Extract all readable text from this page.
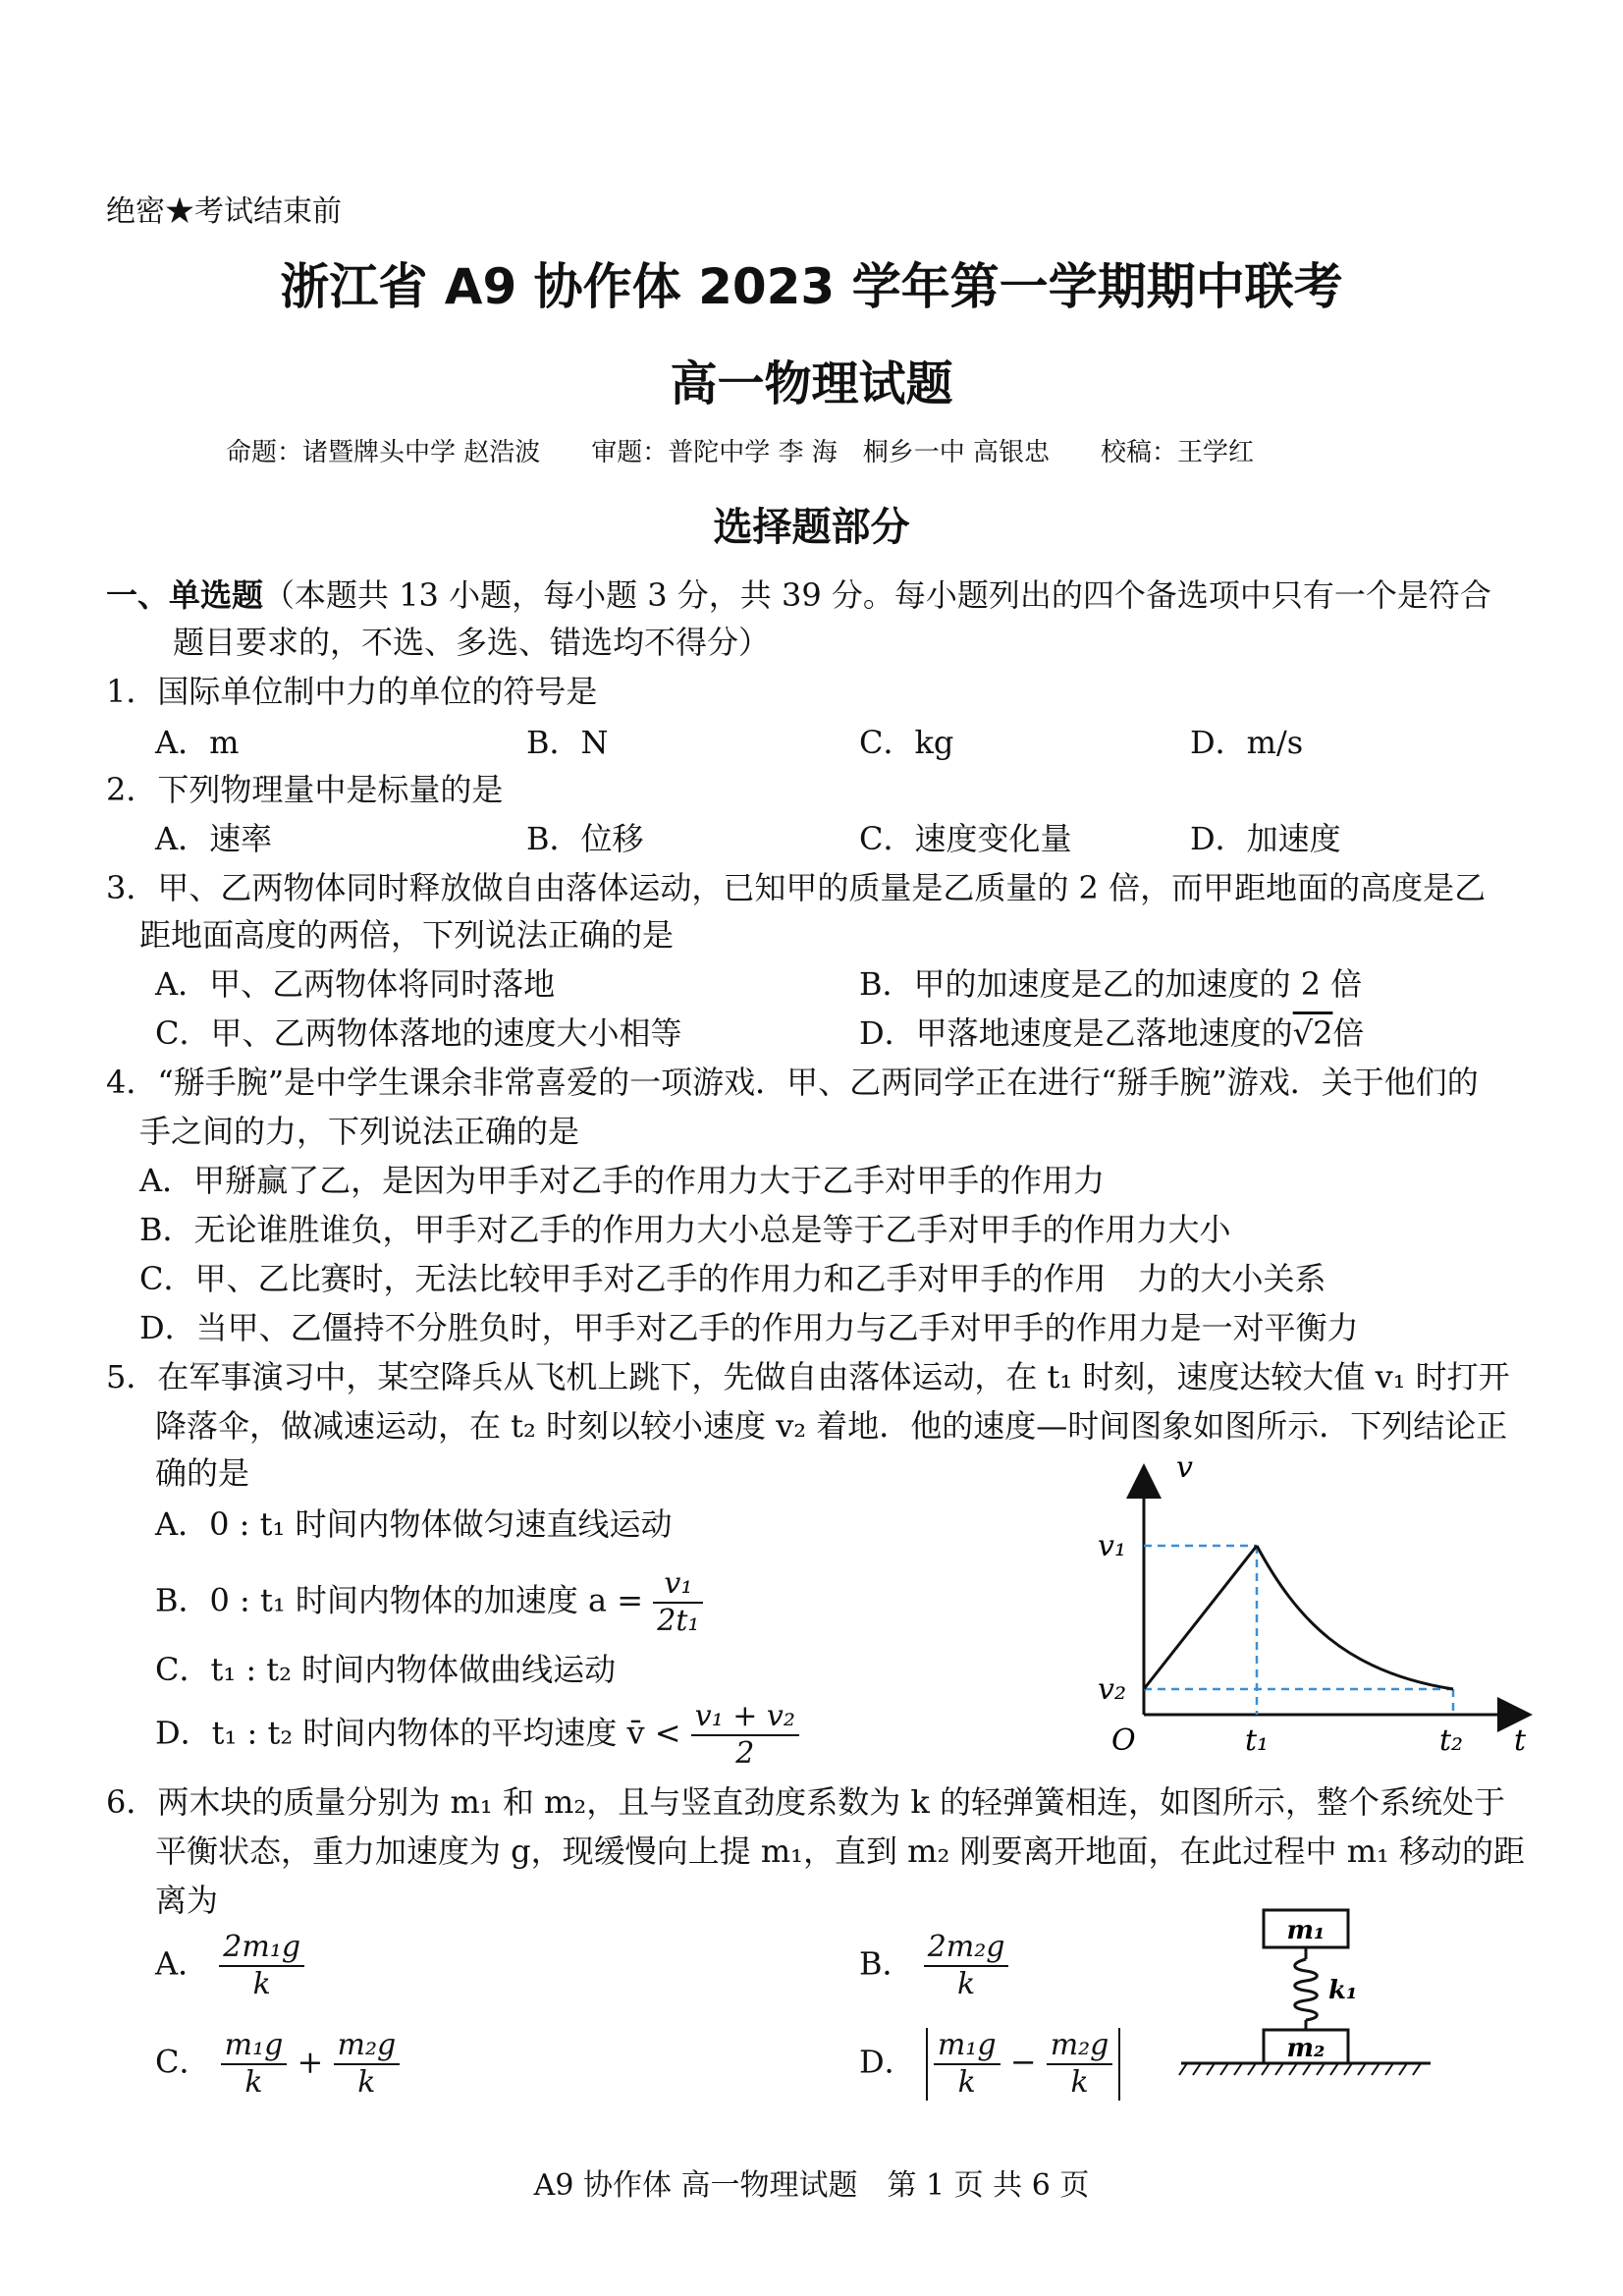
绝密★考试结束前
浙江省 A9 协作体 2023 学年第一学期期中联考
高一物理试题
命题：诸暨牌头中学 赵浩波　　审题：普陀中学 李 海　桐乡一中 高银忠　　校稿：王学红
选择题部分
一、单选题（本题共 13 小题，每小题 3 分，共 39 分。每小题列出的四个备选项中只有一个是符合
题目要求的，不选、多选、错选均不得分）
1．国际单位制中力的单位的符号是
A．m	B．N	C．kg	D．m/s
2．下列物理量中是标量的是
A．速率	B．位移	C．速度变化量	D．加速度
3．甲、乙两物体同时释放做自由落体运动，已知甲的质量是乙质量的 2 倍，而甲距地面的高度是乙
距地面高度的两倍，下列说法正确的是
A．甲、乙两物体将同时落地	B．甲的加速度是乙的加速度的 2 倍
C．甲、乙两物体落地的速度大小相等	D．甲落地速度是乙落地速度的√2倍
4．“掰手腕”是中学生课余非常喜爱的一项游戏．甲、乙两同学正在进行“掰手腕”游戏．关于他们的
手之间的力，下列说法正确的是
A．甲掰赢了乙，是因为甲手对乙手的作用力大于乙手对甲手的作用力
B．无论谁胜谁负，甲手对乙手的作用力大小总是等于乙手对甲手的作用力大小
C．甲、乙比赛时，无法比较甲手对乙手的作用力和乙手对甲手的作用　力的大小关系
D．当甲、乙僵持不分胜负时，甲手对乙手的作用力与乙手对甲手的作用力是一对平衡力
5．在军事演习中，某空降兵从飞机上跳下，先做自由落体运动，在 t₁ 时刻，速度达较大值 v₁ 时打开
降落伞，做减速运动，在 t₂ 时刻以较小速度 v₂ 着地．他的速度—时间图象如图所示．下列结论正
确的是
A．0 : t₁ 时间内物体做匀速直线运动
B．0 : t₁ 时间内物体的加速度 $a = \frac{\text{v₁}}{\text{2t₁}}$
C．t₁ : t₂ 时间内物体做曲线运动
D．t₁ : t₂ 时间内物体的平均速度 v̄ < $\frac{\text{v₁ + v₂}}{2}$
v
t
O
v₁
v₂
t₁	t₂
6．两木块的质量分别为 m₁ 和 m₂，且与竖直劲度系数为 k 的轻弹簧相连，如图所示，整个系统处于
平衡状态，重力加速度为 g，现缓慢向上提 m₁，直到 m₂ 刚要离开地面，在此过程中 m₁ 移动的距
离为
A． $\frac{\text{2m₁g}}{k}$	B． $\frac{\text{2m₂g}}{k}$
C． $\frac{\text{m₁g}}{k} + \frac{\text{m₂g}}{k}$	D． $\frac{\text{m₁g}}{k} - \frac{\text{m₂g}}{k}$
m₁
k₁
m₂
A9 协作体 高一物理试题　第 1 页 共 6 页
